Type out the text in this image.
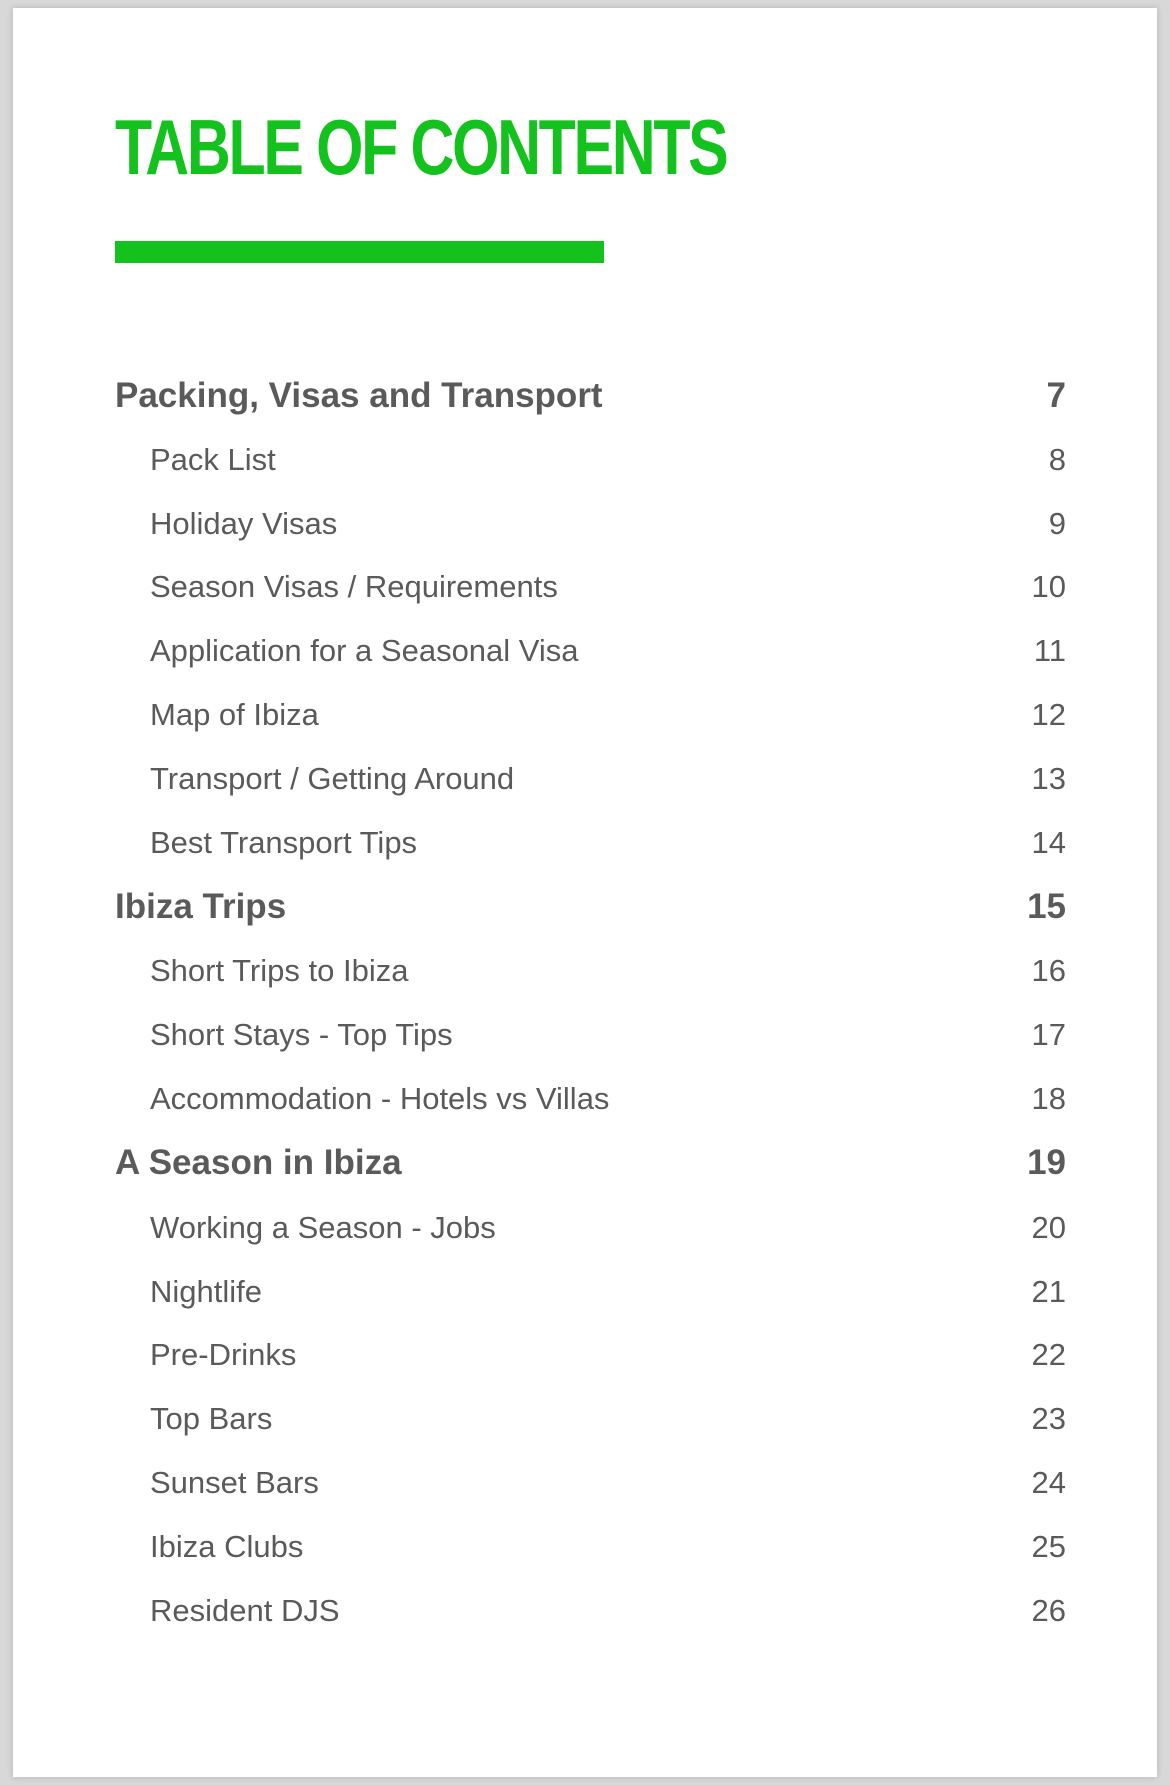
TABLE OF CONTENTS
Packing, Visas and Transport	7
Pack List	8
Holiday Visas	9
Season Visas / Requirements	10
Application for a Seasonal Visa	11
Map of Ibiza	12
Transport / Getting Around	13
Best Transport Tips	14
Ibiza Trips	15
Short Trips to Ibiza	16
Short Stays - Top Tips	17
Accommodation - Hotels vs Villas	18
A Season in Ibiza	19
Working a Season - Jobs	20
Nightlife	21
Pre-Drinks	22
Top Bars	23
Sunset Bars	24
Ibiza Clubs	25
Resident DJS	26
